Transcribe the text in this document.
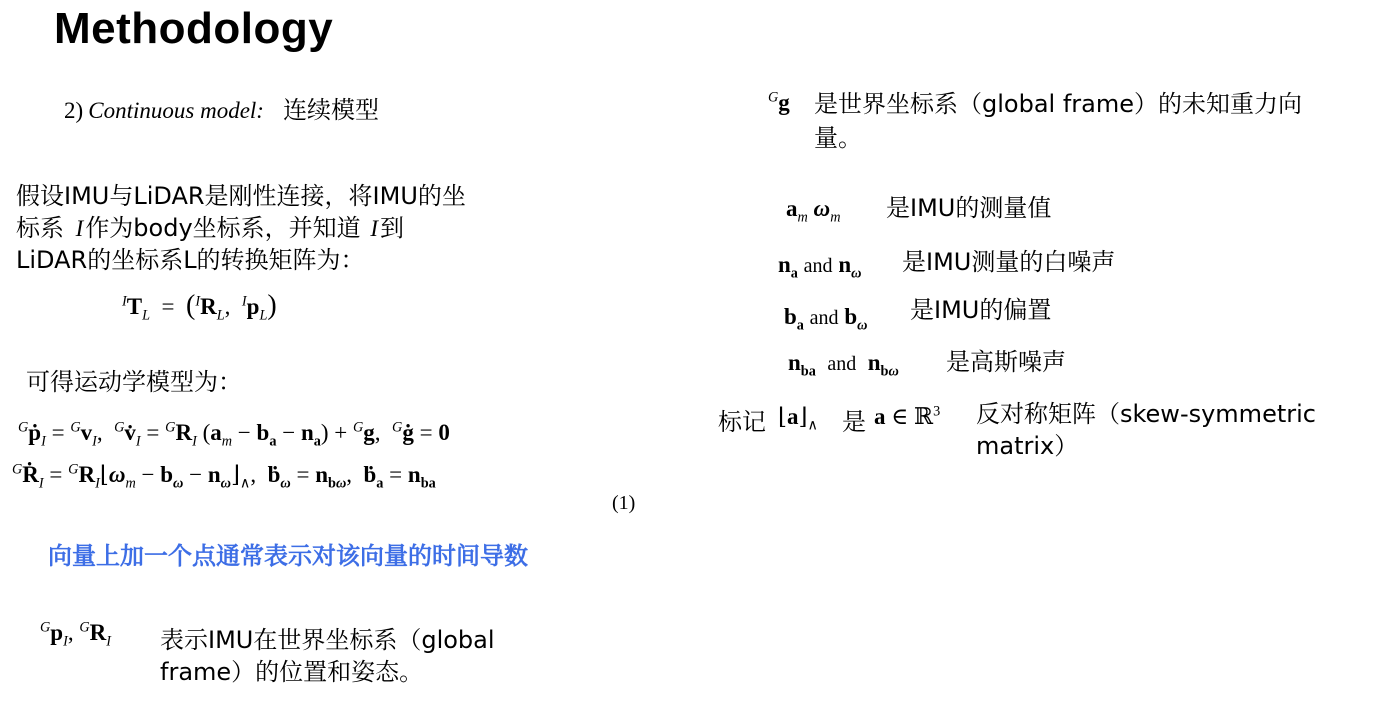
Methodology
2) Continuous model: 连续模型
假设IMU与LiDAR是刚性连接，将IMU的坐
标系 I作为body坐标系，并知道 I到
LiDAR的坐标系L的转换矩阵为：
$^IT_L = (^IR_L$,  $^Ip_L$)
可得运动学模型为：
$^G$ṗ$_I$ = $^Gv_I$,  $^Gv̇_I = ^GR_I$ $(a_m - b_a - n_a) + ^Gg$,  $^G$ġ = 0
$^G$Ṙ$_I$ = $^GR_I⌊\omega_m - b_\omega$ − $n_\omega⌋_\wedge$,  ḃ$_\omega$ = $n_{b\omega}$,  ḃ$_a$ = $n_{ba}$
(1)
向量上加一个点通常表示对该向量的时间导数
$^Gp_I$, $^GR_I$ 表示IMU在世界坐标系（global
frame）的位置和姿态。
$^G$g 是世界坐标系（global frame）的未知重力向
量。
$a_m$ $\omega_m$ 是IMU的测量值
$n_a$ and $n_\omega$ 是IMU测量的白噪声
$b_a$ and $b_\omega$
是IMU的偏置
$n_{ba}$ and $n_{b\omega}$ 是高斯噪声
标记 $⌊a⌋_\wedge$ 是 a ∈ ℝ$^3$ 反对称矩阵（skew-symmetric
matrix）
